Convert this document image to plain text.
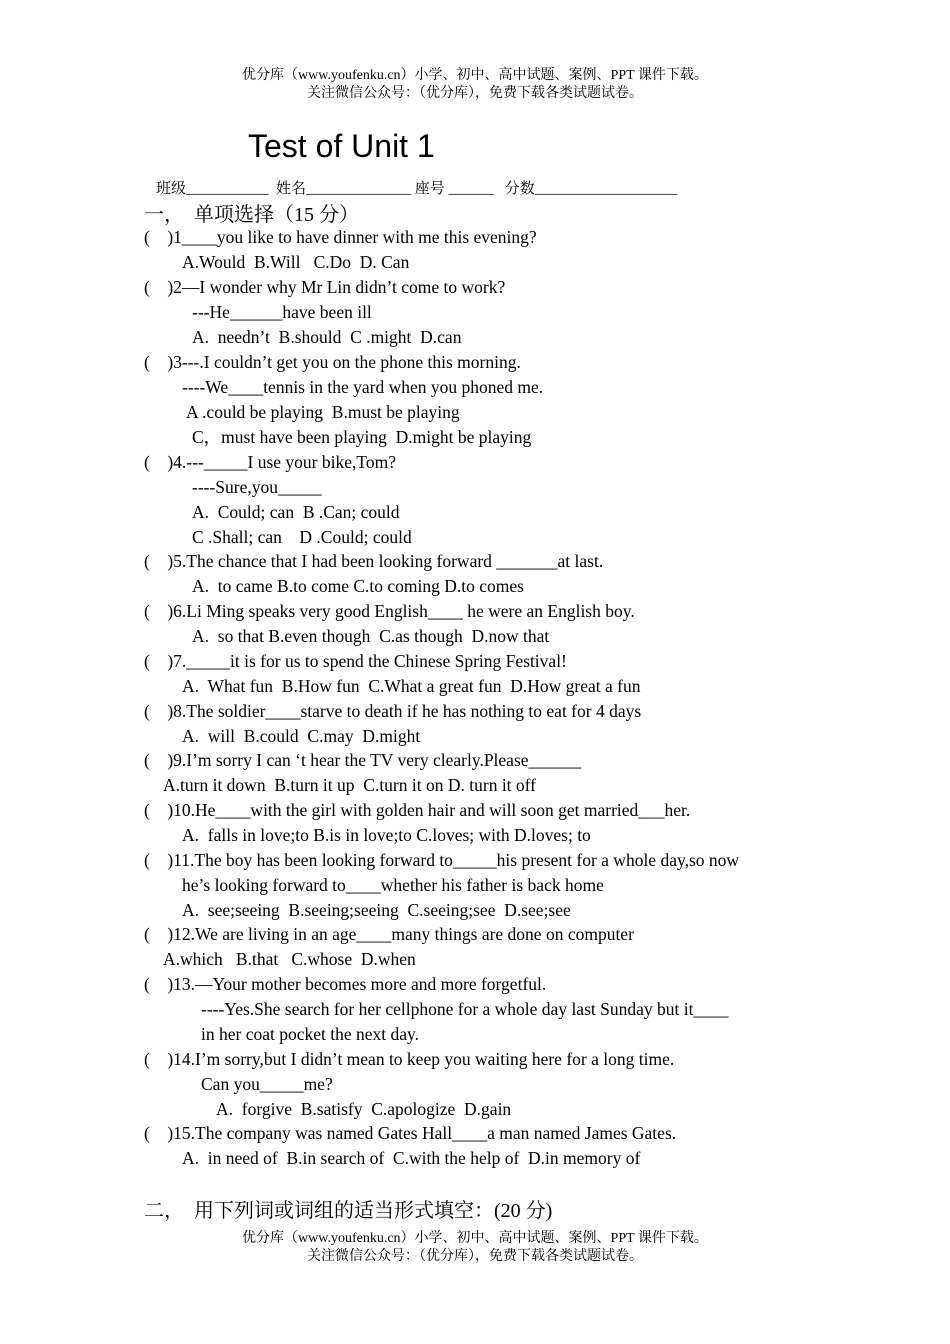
优分库（www.youfenku.cn）小学、初中、高中试题、案例、PPT 课件下载。
关注微信公众号：（优分库），免费下载各类试题试卷。
Test of Unit 1
班级___________  姓名______________ 座号 ______   分数___________________
一，  单项选择（15 分）
(    )1____you like to have dinner with me this evening?
A.Would  B.Will   C.Do  D. Can
(    )2—I wonder why Mr Lin didn’t come to work?
---He______have been ill
A.  needn’t  B.should  C .might  D.can
(    )3---.I couldn’t get you on the phone this morning.
----We____tennis in the yard when you phoned me.
A .could be playing  B.must be playing
C，must have been playing  D.might be playing
(    )4.---_____I use your bike,Tom?
----Sure,you_____
A.  Could; can  B .Can; could
C .Shall; can    D .Could; could
(    )5.The chance that I had been looking forward _______at last.
A.  to came B.to come C.to coming D.to comes
(    )6.Li Ming speaks very good English____ he were an English boy.
A.  so that B.even though  C.as though  D.now that
(    )7._____it is for us to spend the Chinese Spring Festival!
A.  What fun  B.How fun  C.What a great fun  D.How great a fun
(    )8.The soldier____starve to death if he has nothing to eat for 4 days
A.  will  B.could  C.may  D.might
(    )9.I’m sorry I can ‘t hear the TV very clearly.Please______
A.turn it down  B.turn it up  C.turn it on D. turn it off
(    )10.He____with the girl with golden hair and will soon get married___her.
A.  falls in love;to B.is in love;to C.loves; with D.loves; to
(    )11.The boy has been looking forward to_____his present for a whole day,so now
he’s looking forward to____whether his father is back home
A.  see;seeing  B.seeing;seeing  C.seeing;see  D.see;see
(    )12.We are living in an age____many things are done on computer
A.which   B.that   C.whose  D.when
(    )13.—Your mother becomes more and more forgetful.
----Yes.She search for her cellphone for a whole day last Sunday but it____
in her coat pocket the next day.
(    )14.I’m sorry,but I didn’t mean to keep you waiting here for a long time.
Can you_____me?
A.  forgive  B.satisfy  C.apologize  D.gain
(    )15.The company was named Gates Hall____a man named James Gates.
A.  in need of  B.in search of  C.with the help of  D.in memory of
二，  用下列词或词组的适当形式填空：(20 分)
优分库（www.youfenku.cn）小学、初中、高中试题、案例、PPT 课件下载。
关注微信公众号：（优分库），免费下载各类试题试卷。
